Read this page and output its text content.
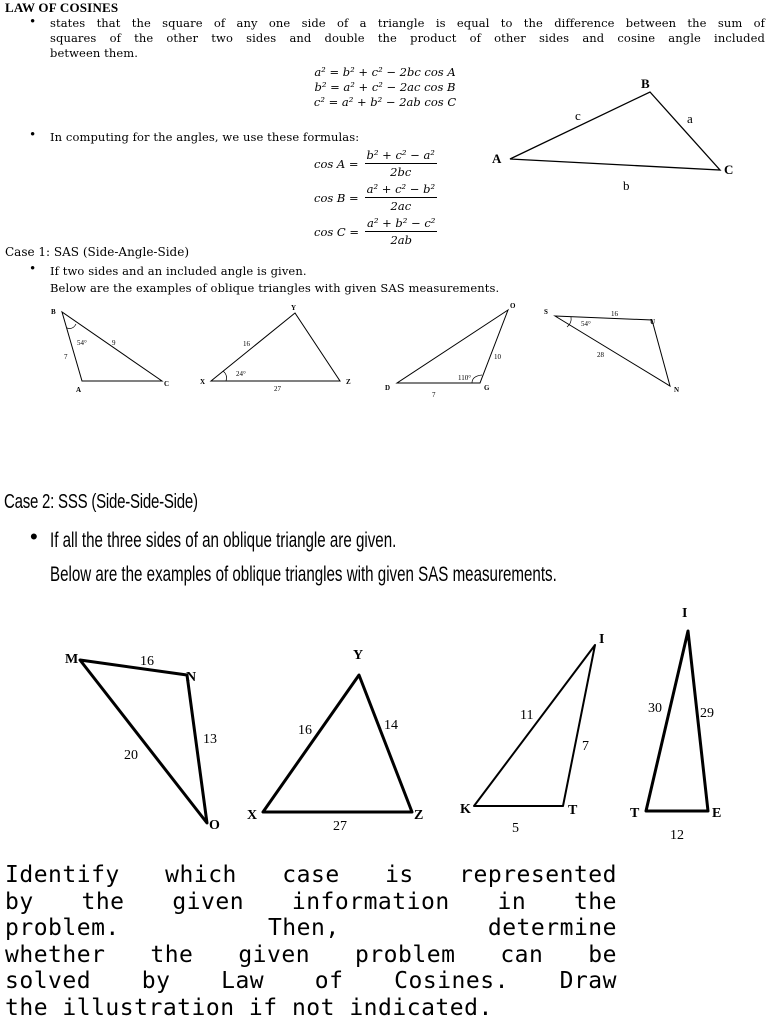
LAW OF COSINES
• states that the square of any one side of a triangle is equal to the difference between the sum of
squares of the other two sides and double the product of other sides and cosine angle included
between them.
a² = b² + c² − 2bc cos A
b² = a² + c² − 2ac cos B
c² = a² + b² − 2ab cos C
• In computing for the angles, we use these formulas:
$\cos A = \frac{\text{b² + c² − a²}}{2bc}$
$\cos B = \frac{\text{a² + c² − b²}}{2ac}$
$\cos C = \frac{\text{a² + b² − c²}}{2ab}$
A
B
C
a
b
c
Case 1: SAS (Side-Angle-Side)
• If two sides and an included angle is given.
Below are the examples of oblique triangles with given SAS measurements.
B
A
C
54°	9
7
Y
X	Z
16
24°
27
O
D	G
10
110°
7
S
U
N
16
54°
28
Case 2: SSS (Side-Side-Side)
• If all the three sides of an oblique triangle are given.
Below are the examples of oblique triangles with given SAS measurements.
M
N
O
16
13
20
Y
X	Z
16	14
27
I
K	T
11
7
5
I
T	E
30	29
12
Identify which case is represented
by the given information in the
problem. Then, determine
whether the given problem can be
solved by Law of Cosines. Draw
the illustration if not indicated.
